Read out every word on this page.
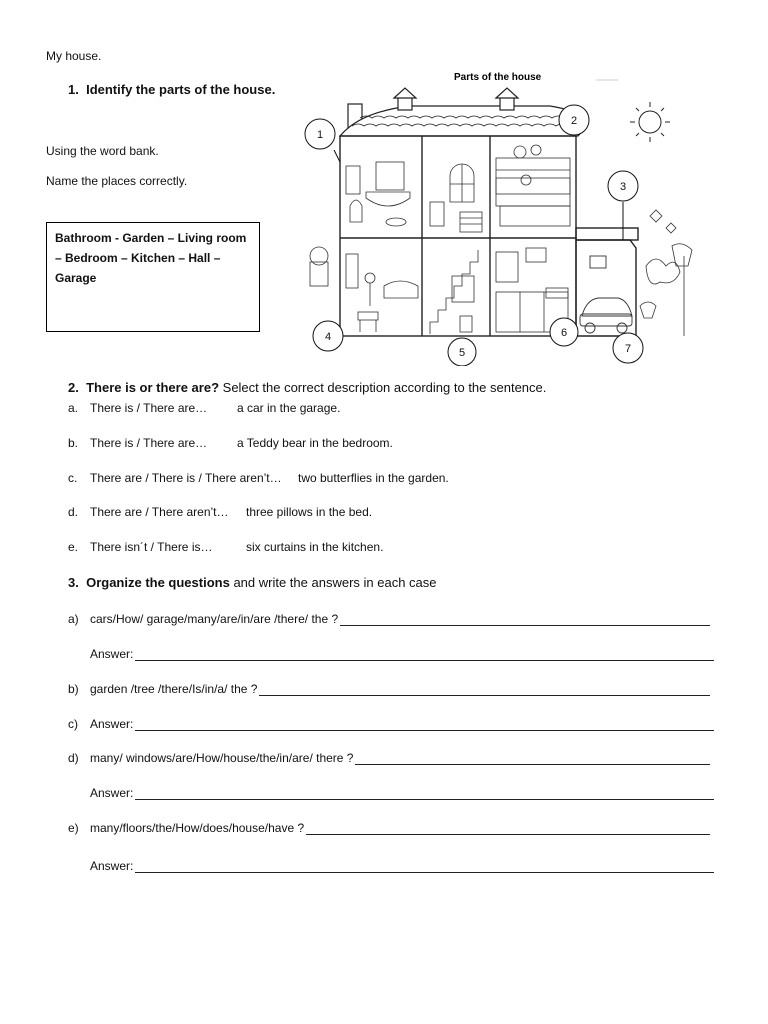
My house.
1. Identify the parts of the house.
Using the word bank.
Name the places correctly.
Bathroom - Garden – Living room – Bedroom – Kitchen – Hall – Garage
Parts of the house
1
2
3
4
5
6
7
2. There is or there are? Select the correct description according to the sentence.
a. There is / There are… a car in the garage.
b. There is / There are… a Teddy bear in the bedroom.
c. There are / There is / There aren’t… two butterflies in the garden.
d. There are / There aren’t… three pillows in the bed.
e. There isn´t / There is…	six curtains in the kitchen.
3. Organize the questions and write the answers in each case
a) cars/How/ garage/many/are/in/are /there/ the ?
Answer:
b) garden /tree /there/Is/in/a/ the ?
c)	Answer:
d) many/ windows/are/How/house/the/in/are/ there ?
Answer:
e) many/floors/the/How/does/house/have ?
Answer:
